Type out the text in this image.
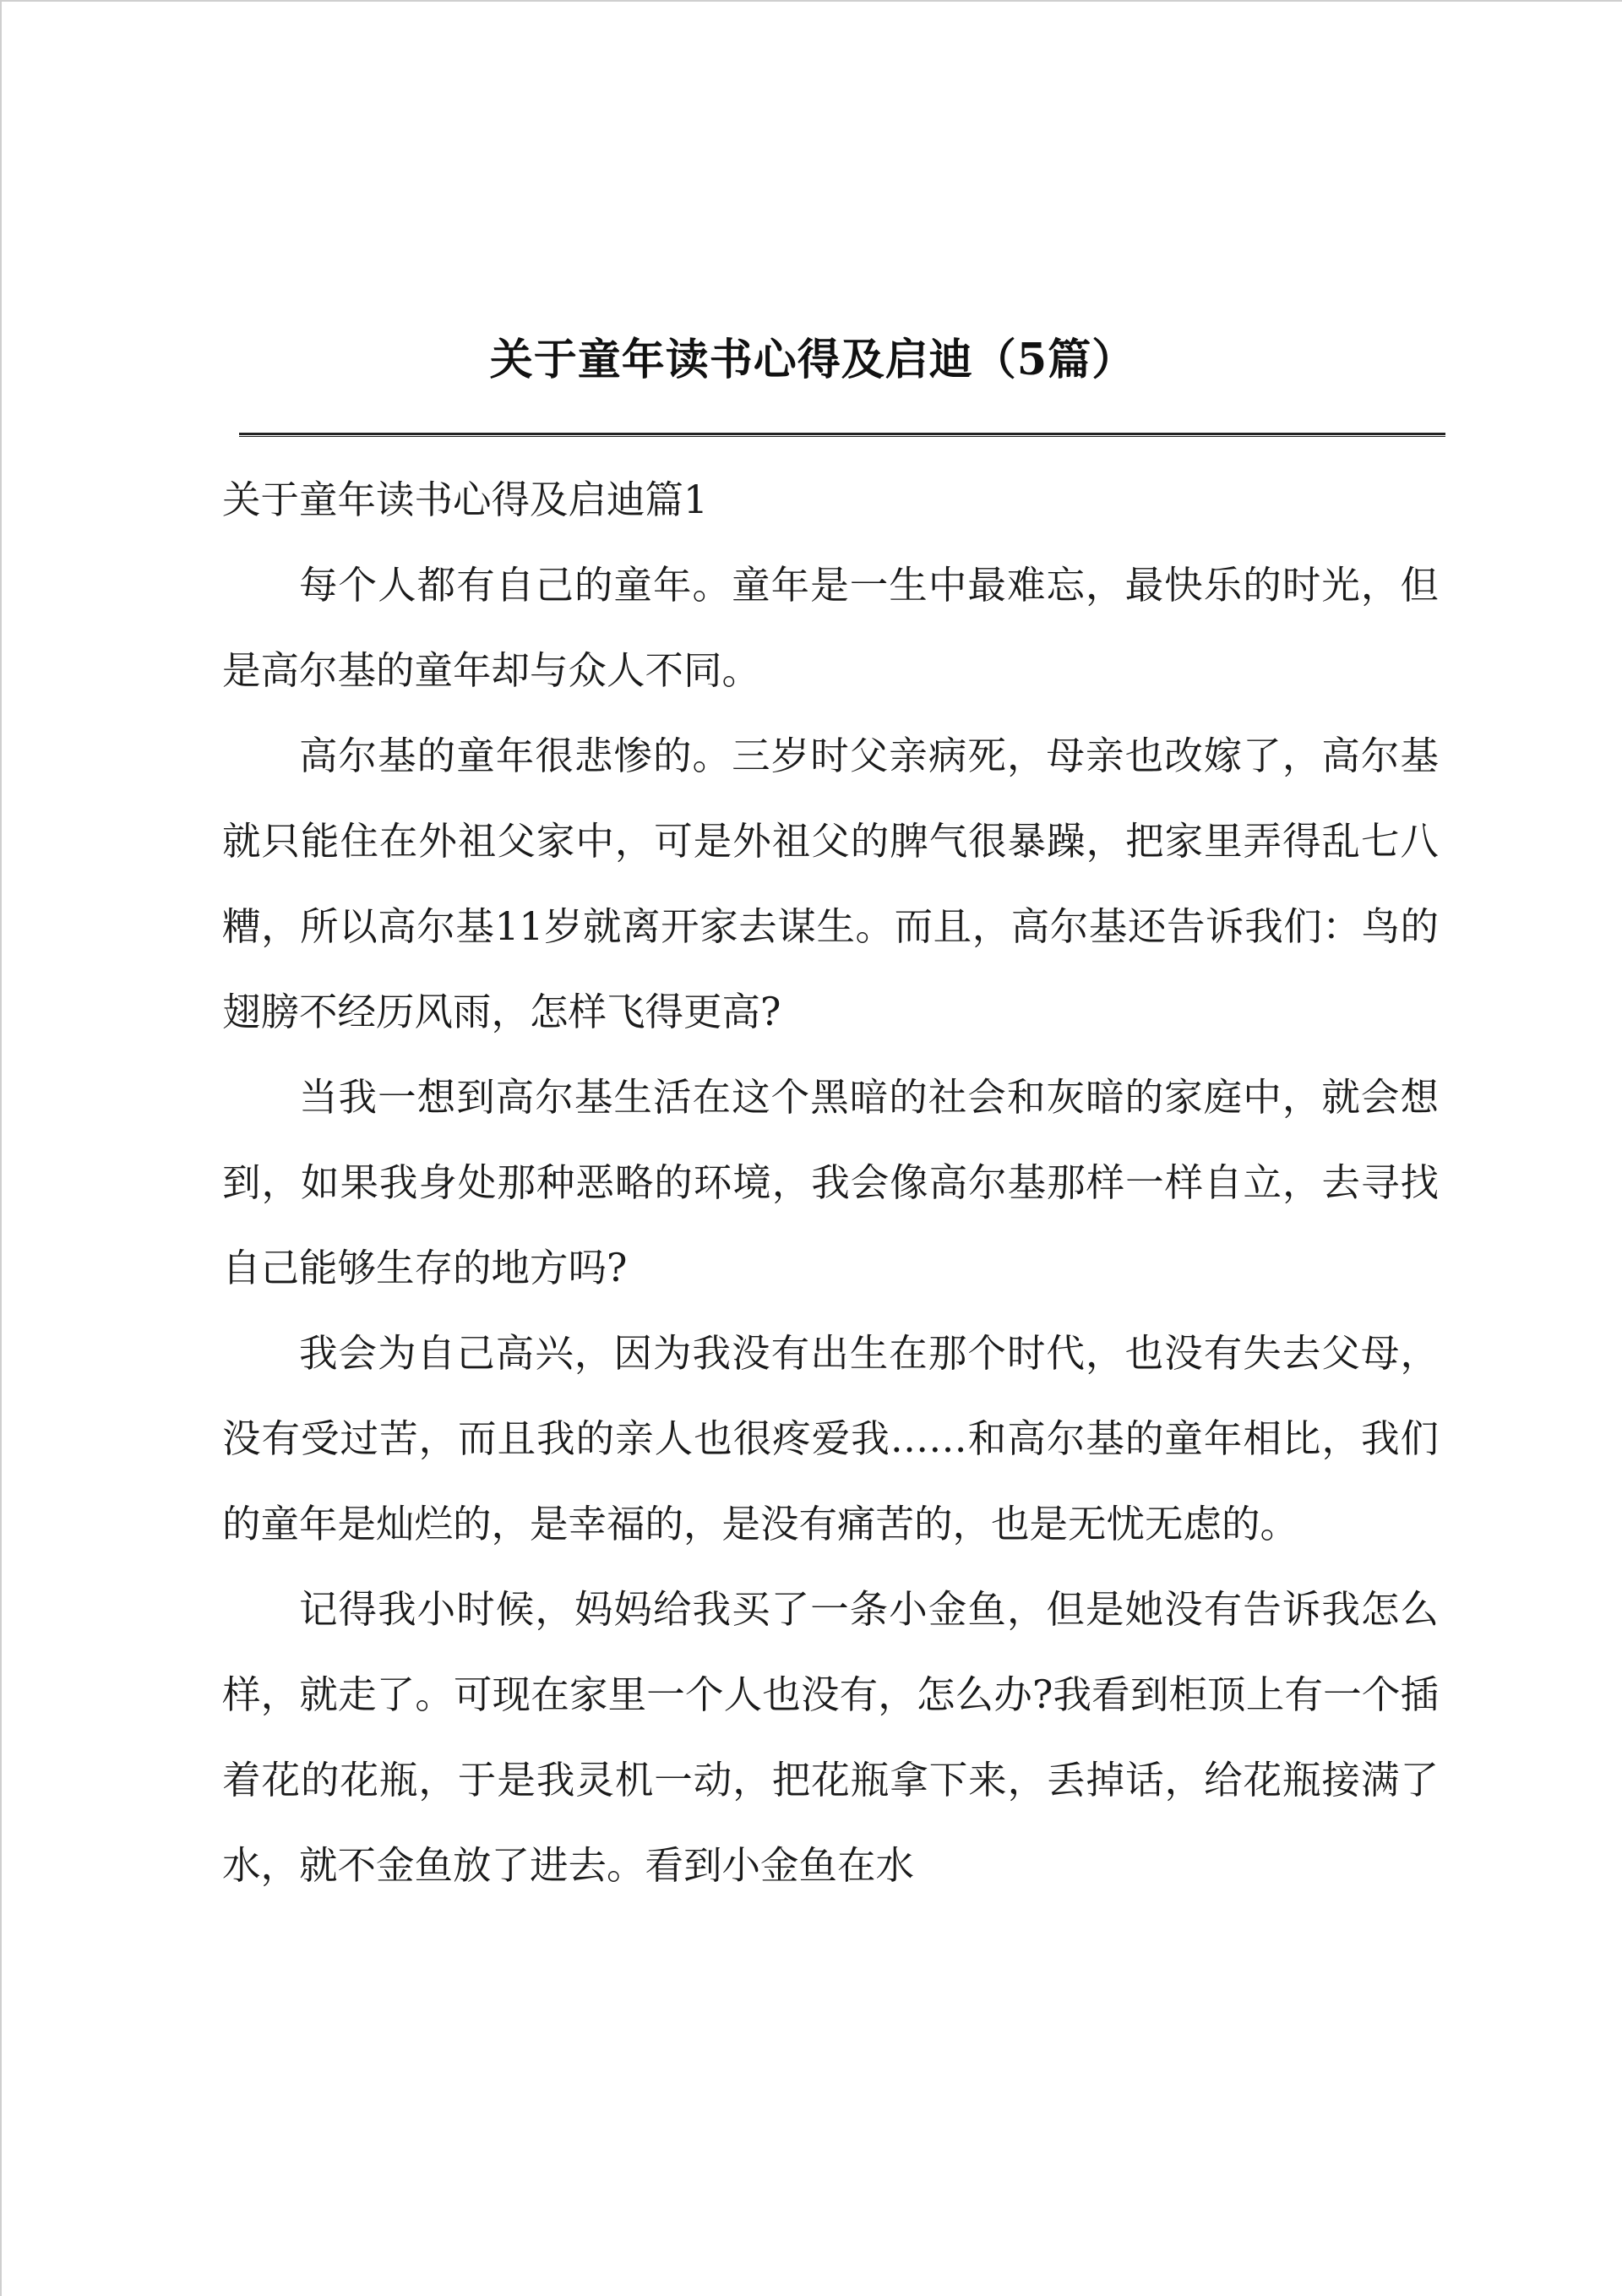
关于童年读书心得及启迪（5篇）
关于童年读书心得及启迪篇1

每个人都有自己的童年。童年是一生中最难忘，最快乐的时光，但是高尔基的童年却与众人不同。

高尔基的童年很悲惨的。三岁时父亲病死，母亲也改嫁了，高尔基就只能住在外祖父家中，可是外祖父的脾气很暴躁，把家里弄得乱七八糟，所以高尔基11岁就离开家去谋生。而且，高尔基还告诉我们：鸟的翅膀不经历风雨，怎样飞得更高?

当我一想到高尔基生活在这个黑暗的社会和灰暗的家庭中，就会想到，如果我身处那种恶略的环境，我会像高尔基那样一样自立，去寻找自己能够生存的地方吗?

我会为自己高兴，因为我没有出生在那个时代，也没有失去父母，没有受过苦，而且我的亲人也很疼爱我……和高尔基的童年相比，我们的童年是灿烂的，是幸福的，是没有痛苦的，也是无忧无虑的。

记得我小时候，妈妈给我买了一条小金鱼，但是她没有告诉我怎么样，就走了。可现在家里一个人也没有，怎么办?我看到柜顶上有一个插着花的花瓶，于是我灵机一动，把花瓶拿下来，丢掉话，给花瓶接满了水，就不金鱼放了进去。看到小金鱼在水
